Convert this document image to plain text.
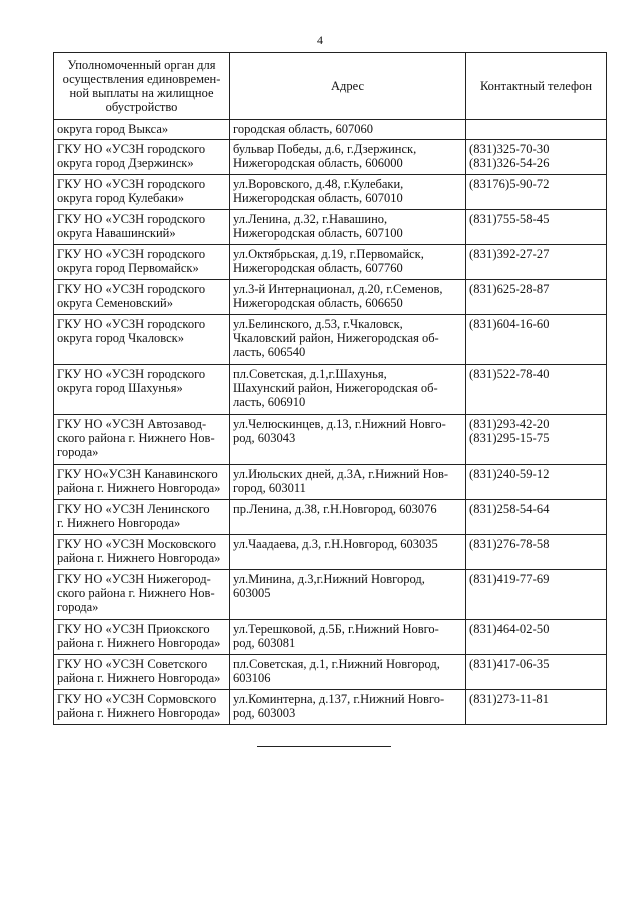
4
Уполномоченный орган для
осуществления единовремен-
ной выплаты на жилищное
обустройство	Адрес	Контактный телефон

округа город Выкса»	городская область, 607060	

ГКУ НО «УСЗН городского
округа город Дзержинск»	бульвар Победы, д.6, г.Дзержинск,
Нижегородская область, 606000	(831)325-70-30
(831)326-54-26

ГКУ НО «УСЗН городского
округа город Кулебаки»	ул.Воровского, д.48, г.Кулебаки,
Нижегородская область, 607010	(83176)5-90-72

ГКУ НО «УСЗН городского
округа Навашинский»	ул.Ленина, д.32, г.Навашино,
Нижегородская область, 607100	(831)755-58-45

ГКУ НО «УСЗН городского
округа город Первомайск»	ул.Октябрьская, д.19, г.Первомайск,
Нижегородская область, 607760	(831)392-27-27

ГКУ НО «УСЗН городского
округа Семеновский»	ул.3-й Интернационал, д.20, г.Семенов,
Нижегородская область, 606650	(831)625-28-87

ГКУ НО «УСЗН городского
округа город Чкаловск»	ул.Белинского, д.53, г.Чкаловск,
Чкаловский район, Нижегородская об-
ласть, 606540	(831)604-16-60

ГКУ НО «УСЗН городского
округа город Шахунья»	пл.Советская, д.1,г.Шахунья,
Шахунский район, Нижегородская об-
ласть, 606910	(831)522-78-40

ГКУ НО «УСЗН Автозавод-
ского района г. Нижнего Нов-
города»	ул.Челюскинцев, д.13, г.Нижний Новго-
род, 603043	(831)293-42-20
(831)295-15-75

ГКУ НО«УСЗН Канавинского
района г. Нижнего Новгорода»	ул.Июльских дней, д.3А, г.Нижний Нов-
город, 603011	(831)240-59-12

ГКУ НО «УСЗН Ленинского
г. Нижнего Новгорода»	пр.Ленина, д.38, г.Н.Новгород, 603076	(831)258-54-64

ГКУ НО «УСЗН Московского
района г. Нижнего Новгорода»	ул.Чаадаева, д.3, г.Н.Новгород, 603035	(831)276-78-58

ГКУ НО «УСЗН Нижегород-
ского района г. Нижнего Нов-
города»	ул.Минина, д.3,г.Нижний Новгород,
603005	(831)419-77-69

ГКУ НО «УСЗН Приокского
района г. Нижнего Новгорода»	ул.Терешковой, д.5Б, г.Нижний Новго-
род, 603081	(831)464-02-50

ГКУ НО «УСЗН Советского
района г. Нижнего Новгорода»	пл.Советская, д.1, г.Нижний Новгород,
603106	(831)417-06-35

ГКУ НО «УСЗН Сормовского
района г. Нижнего Новгорода»	ул.Коминтерна, д.137, г.Нижний Новго-
род, 603003	(831)273-11-81
